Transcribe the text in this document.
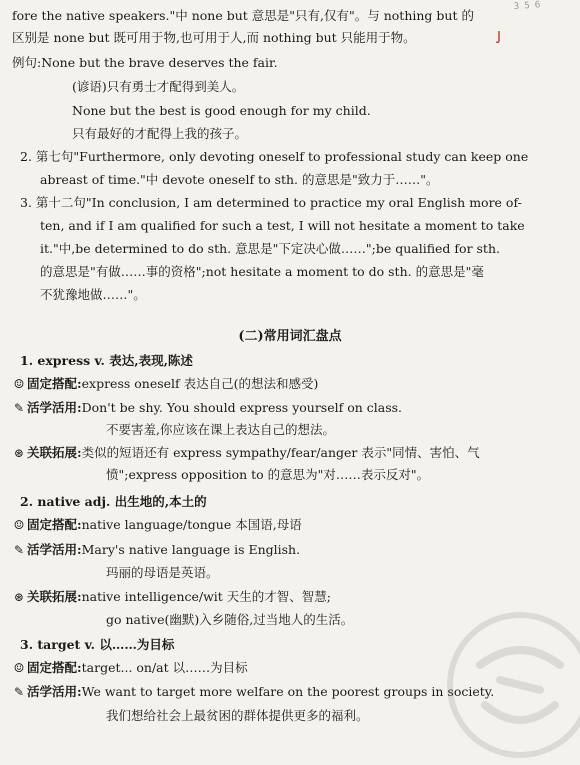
3 5 6
fore the native speakers."中 none but 意思是"只有,仅有"。与 nothing but 的
区别是 none but 既可用于物,也可用于人,而 nothing but 只能用于物。
例句:None but the brave deserves the fair.
(谚语)只有勇士才配得到美人。
None but the best is good enough for my child.
只有最好的才配得上我的孩子。
2. 第七句"Furthermore, only devoting oneself to professional study can keep one
abreast of time."中 devote oneself to sth. 的意思是"致力于……"。
3. 第十二句"In conclusion, I am determined to practice my oral English more of-
ten, and if I am qualified for such a test, I will not hesitate a moment to take
it."中,be determined to do sth. 意思是"下定决心做……";be qualified for sth.
的意思是"有做……事的资格";not hesitate a moment to do sth. 的意思是"毫
不犹豫地做……"。
(二)常用词汇盘点
1. express v. 表达,表现,陈述
☺ 固定搭配:express oneself 表达自己(的想法和感受)
✎ 活学活用:Don't be shy. You should express yourself on class.
不要害羞,你应该在课上表达自己的想法。
⊛ 关联拓展:类似的短语还有 express sympathy/fear/anger 表示"同情、害怕、气
愤";express opposition to 的意思为"对……表示反对"。
2. native adj. 出生地的,本土的
☺ 固定搭配:native language/tongue 本国语,母语
✎ 活学活用:Mary's native language is English.
玛丽的母语是英语。
⊛ 关联拓展:native intelligence/wit 天生的才智、智慧;
go native(幽默)入乡随俗,过当地人的生活。
3. target v. 以……为目标
☺ 固定搭配:target... on/at 以……为目标
✎ 活学活用:We want to target more welfare on the poorest groups in society.
我们想给社会上最贫困的群体提供更多的福利。
